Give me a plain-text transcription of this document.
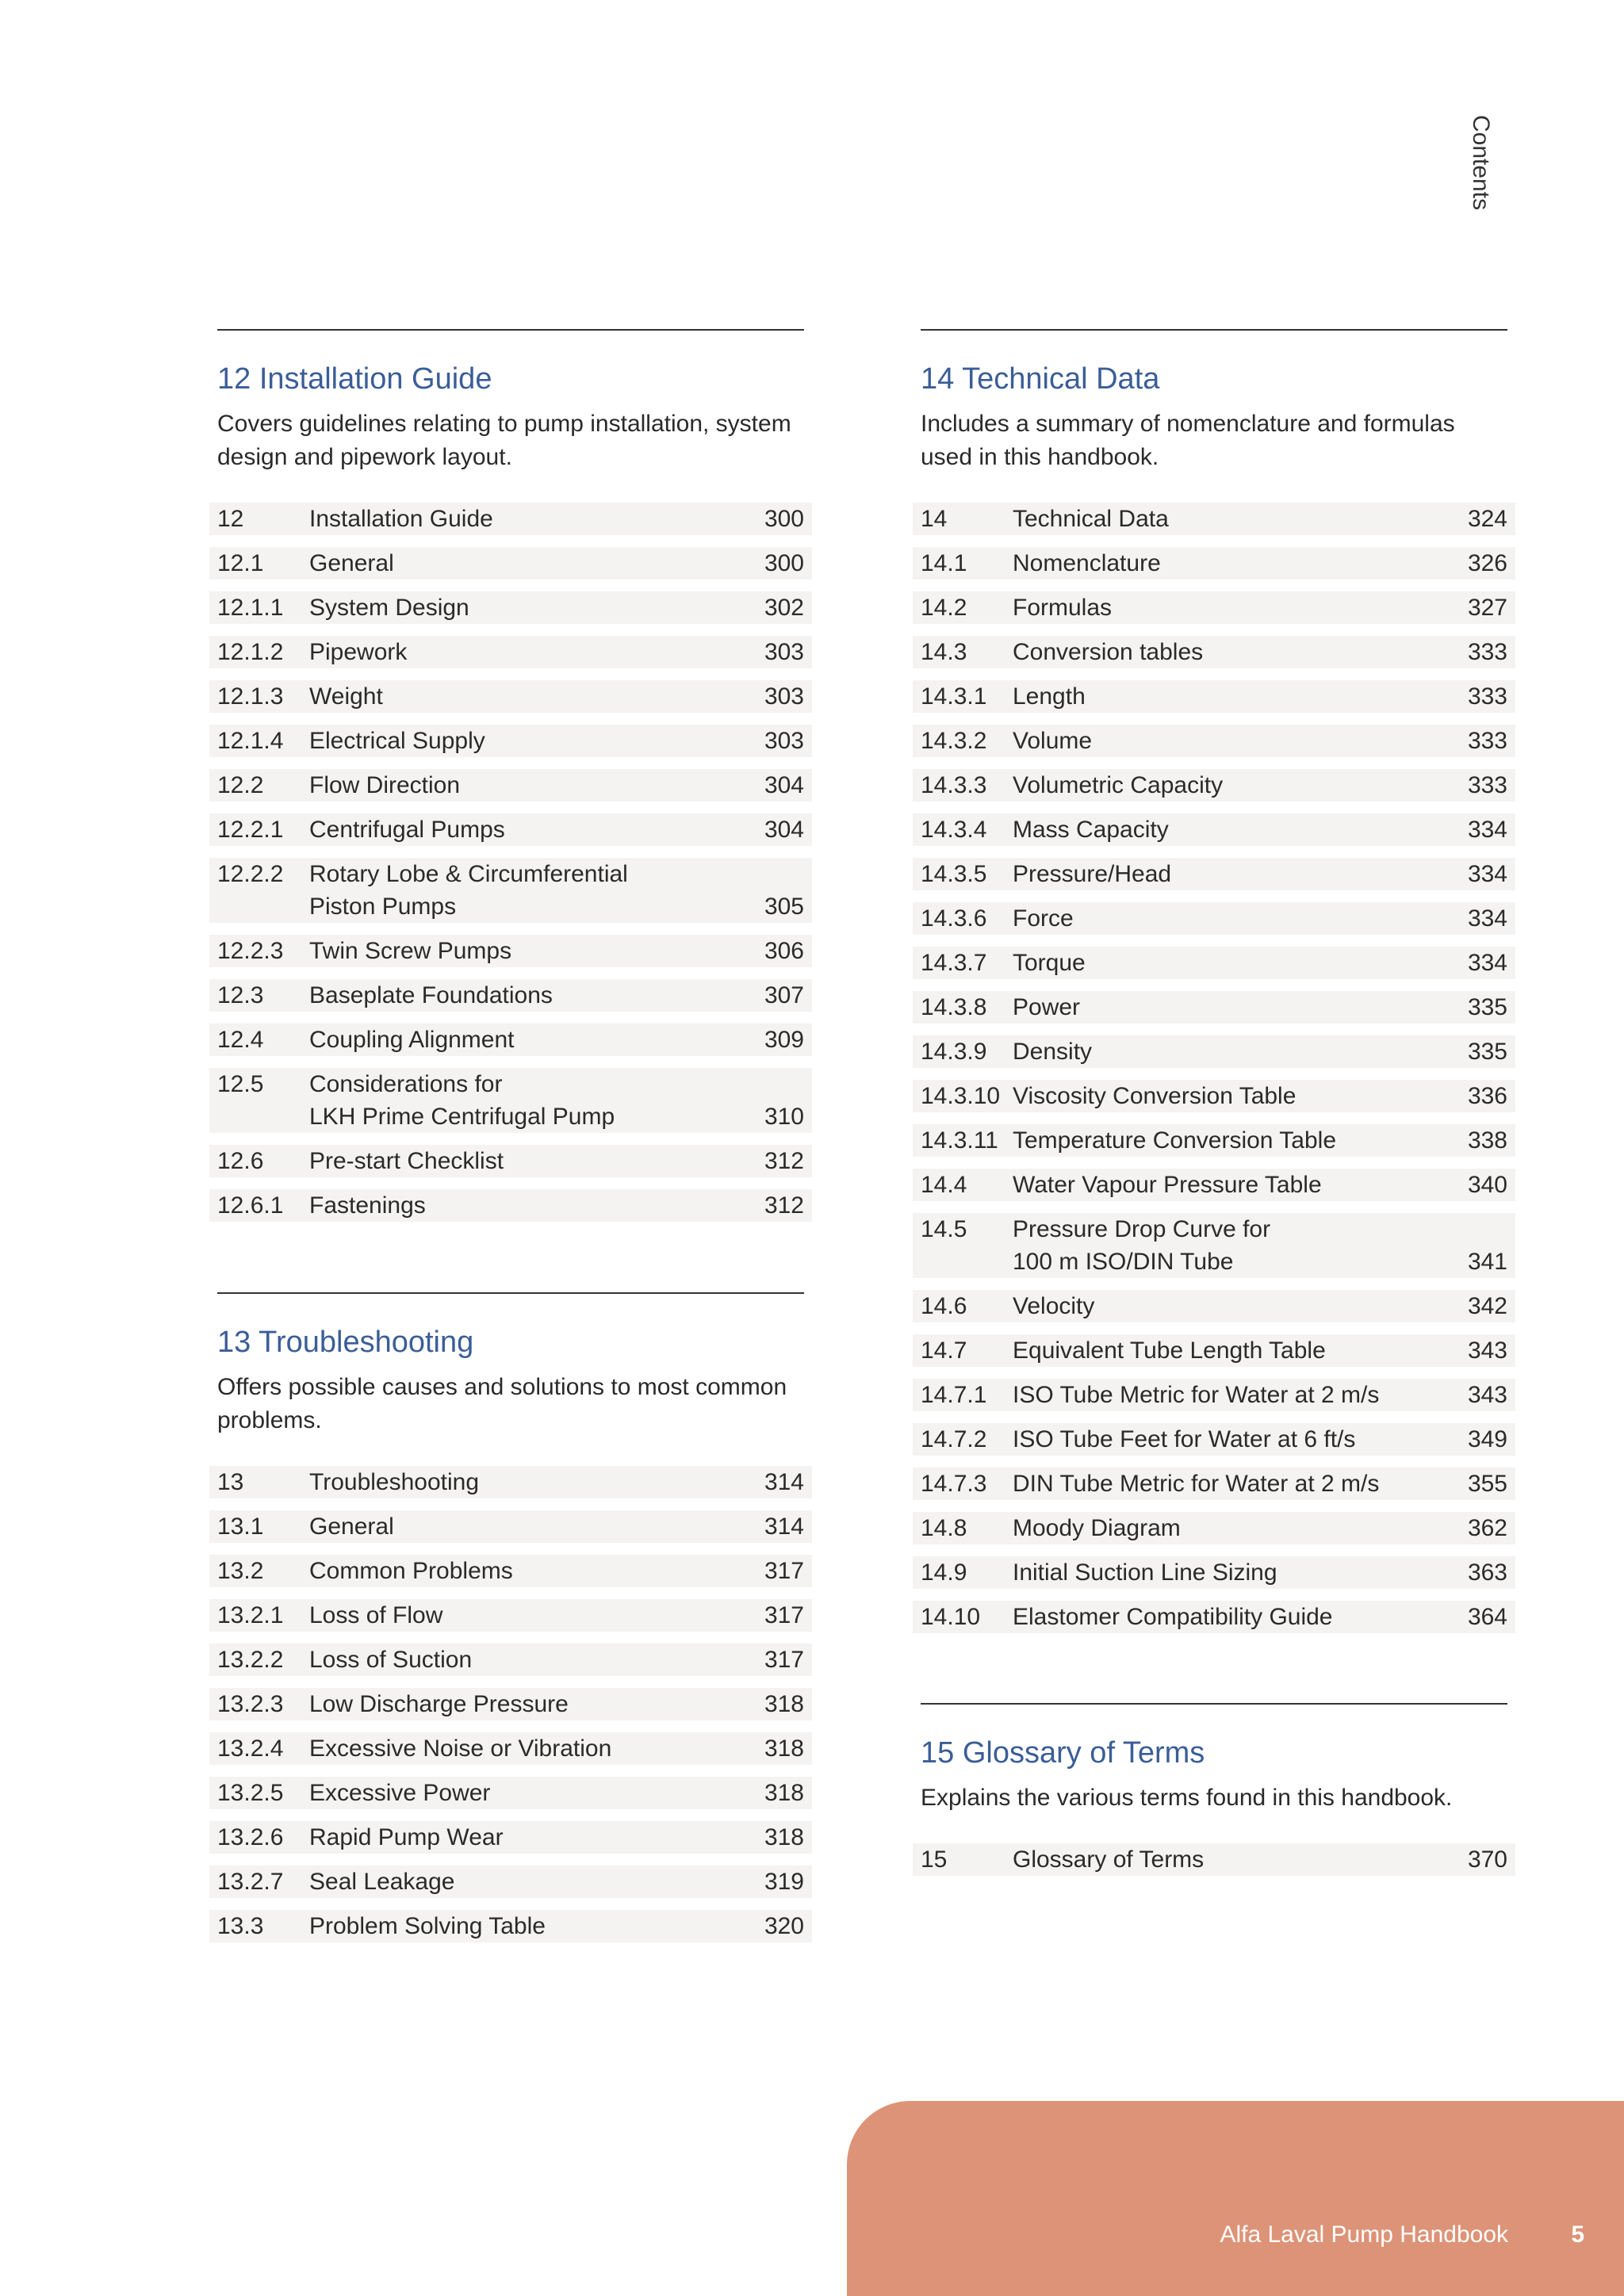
Contents
12 Installation Guide

Covers guidelines relating to pump installation, system design and pipework layout.

12	Installation Guide	300
12.1	General	300
12.1.1	System Design	302
12.1.2	Pipework	303
12.1.3	Weight	303
12.1.4	Electrical Supply	303
12.2	Flow Direction	304
12.2.1	Centrifugal Pumps	304
12.2.2	Rotary Lobe & Circumferential
Piston Pumps	305
12.2.3	Twin Screw Pumps	306
12.3	Baseplate Foundations	307
12.4	Coupling Alignment	309
12.5	Considerations for
LKH Prime Centrifugal Pump	310
12.6	Pre-start Checklist	312
12.6.1	Fastenings	312
13 Troubleshooting

Offers possible causes and solutions to most common problems.

13	Troubleshooting	314
13.1	General	314
13.2	Common Problems	317
13.2.1	Loss of Flow	317
13.2.2	Loss of Suction	317
13.2.3	Low Discharge Pressure	318
13.2.4	Excessive Noise or Vibration	318
13.2.5	Excessive Power	318
13.2.6	Rapid Pump Wear	318
13.2.7	Seal Leakage	319
13.3	Problem Solving Table	320
14 Technical Data

Includes a summary of nomenclature and formulas used in this handbook.

14	Technical Data	324
14.1	Nomenclature	326
14.2	Formulas	327
14.3	Conversion tables	333
14.3.1	Length	333
14.3.2	Volume	333
14.3.3	Volumetric Capacity	333
14.3.4	Mass Capacity	334
14.3.5	Pressure/Head	334
14.3.6	Force	334
14.3.7	Torque	334
14.3.8	Power	335
14.3.9	Density	335
14.3.10 Viscosity Conversion Table	336
14.3.11 Temperature Conversion Table	338
14.4	Water Vapour Pressure Table	340
14.5	Pressure Drop Curve for
100 m ISO/DIN Tube	341
14.6	Velocity	342
14.7	Equivalent Tube Length Table	343
14.7.1	ISO Tube Metric for Water at 2 m/s	343
14.7.2	ISO Tube Feet for Water at 6 ft/s	349
14.7.3	DIN Tube Metric for Water at 2 m/s	355
14.8	Moody Diagram	362
14.9	Initial Suction Line Sizing	363
14.10	Elastomer Compatibility Guide	364
15 Glossary of Terms

Explains the various terms found in this handbook.

15	Glossary of Terms	370
Alfa Laval Pump Handbook	5
